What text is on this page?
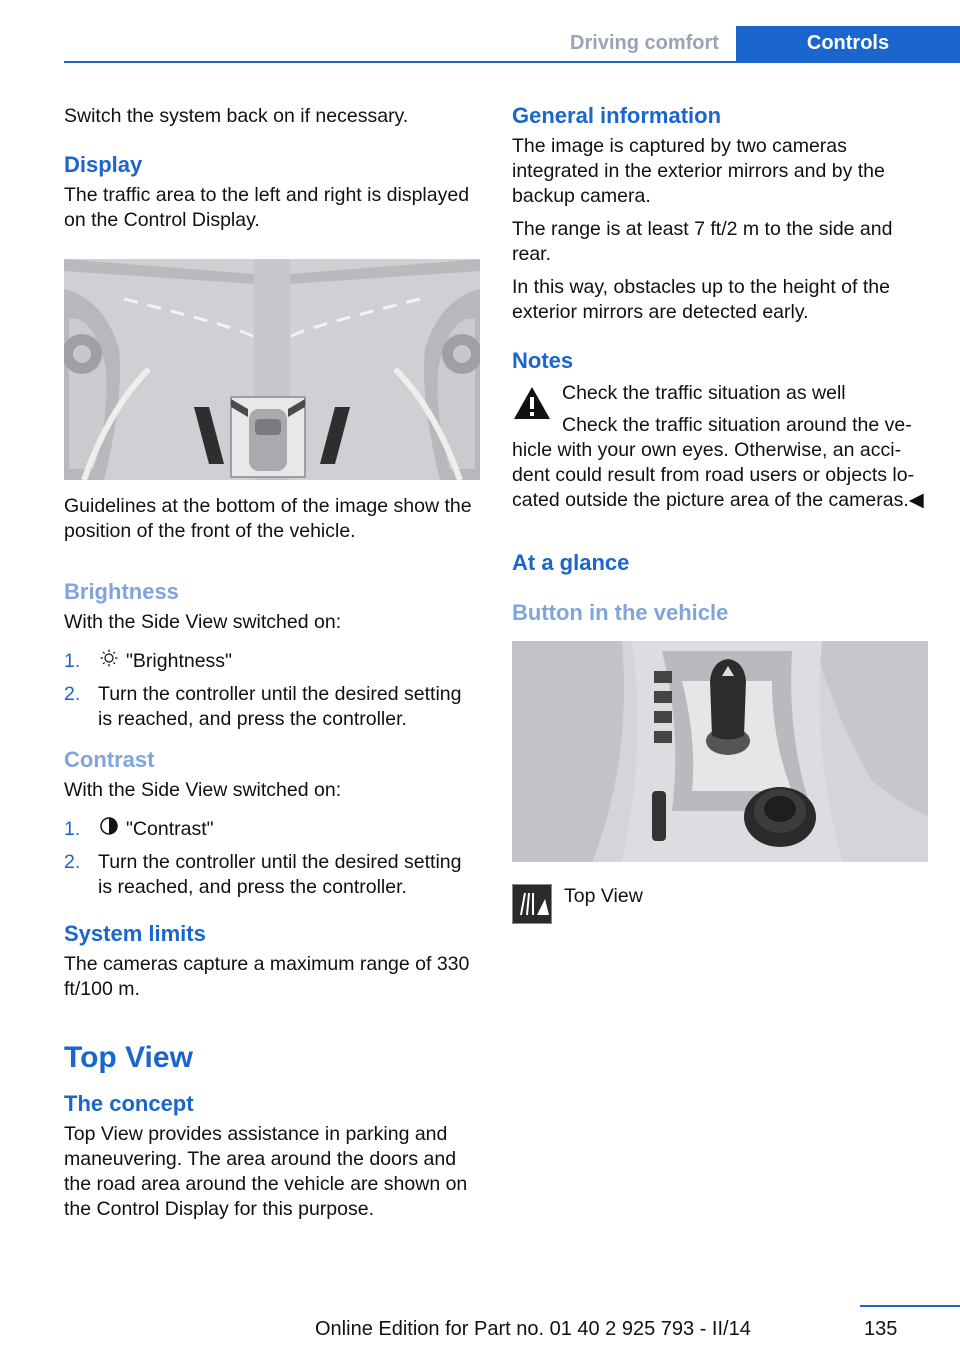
Driving comfort	Controls

Switch the system back on if necessary.

Display

The traffic area to the left and right is displayed on the Control Display.

Guidelines at the bottom of the image show the position of the front of the vehicle.

Brightness

With the Side View switched on:

1.	"Brightness"
2. Turn the controller until the desired setting is reached, and press the controller.
Contrast

With the Side View switched on:

1.	"Contrast"
2. Turn the controller until the desired setting is reached, and press the controller.
System limits

The cameras capture a maximum range of 330 ft/100 m.

Top View
The concept

Top View provides assistance in parking and maneuvering. The area around the doors and the road area around the vehicle are shown on the Control Display for this purpose.

General information

The image is captured by two cameras integrated in the exterior mirrors and by the backup camera.

The range is at least 7 ft/2 m to the side and rear.

In this way, obstacles up to the height of the exterior mirrors are detected early.

Notes

Check the traffic situation as well

Check the traffic situation around the ve‐hicle with your own eyes. Otherwise, an acci‐dent could result from road users or objects lo‐cated outside the picture area of the cameras.◀

At a glance
Button in the vehicle

Top View

135
Online Edition for Part no. 01 40 2 925 793 - II/14
